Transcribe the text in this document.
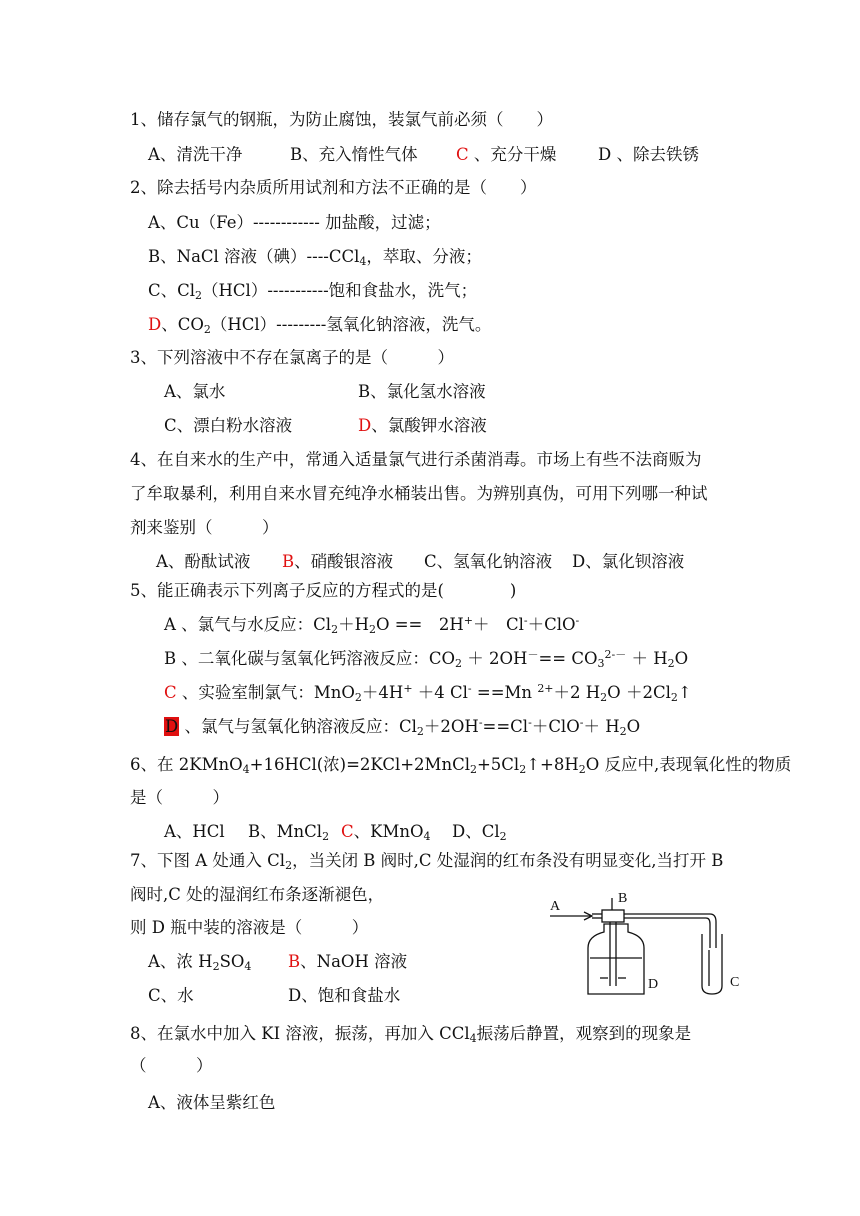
1、储存氯气的钢瓶，为防止腐蚀，装氯气前必须（　　）
A、清洗干净	B、充入惰性气体 C 、充分干燥	D 、除去铁锈
2、除去括号内杂质所用试剂和方法不正确的是（　　）
A、Cu（Fe）------------ 加盐酸，过滤；
B、NaCl 溶液（碘）----CCl$_4$，萃取、分液；
C、$Cl_2(HCl)-----------$饱和食盐水，洗气；
D、$CO_2(HCl)---------$氢氧化钠溶液，洗气。
3、下列溶液中不存在氯离子的是（　　　）
A、氯水	B、氯化氢水溶液
C、漂白粉水溶液	D、氯酸钾水溶液
4、在自来水的生产中，常通入适量氯气进行杀菌消毒。市场上有些不法商贩为
了牟取暴利，利用自来水冒充纯净水桶装出售。为辨别真伪，可用下列哪一种试
剂来鉴别（　　　）
A、酚酞试液 B、硝酸银溶液 C、氢氧化钠溶液 D、氯化钡溶液
5、能正确表示下列离子反应的方程式的是(　　　　)
A 、氯气与水反应：$Cl_2+H_2O$ ==　2H+＋　Cl-＋ClO-
B 、二氧化碳与氢氧化钙溶液反应：$CO_2 + 2OH^-== CO_3^{2--} + H_2O$
C 、实验室制氯气：MnO$_2$＋4H+ ＋4 Cl- ==Mn $^{2+}$＋2 $H_2O$ $+2Cl_2↑$
D 、氯气与氢氧化钠溶液反应：$Cl_2+2OH^-==Cl^-+ClO^-+ H_2O$
6、在 2KMnO$_4$+16HCl(浓)$=2KCl+2MnCl_2+5Cl_2↑+8H_2O$ 反应中,表现氧化性的物质
是（　　　）
A、HCl B、MnCl$_2$ C、KMnO$_4$ D、$Cl_2$
7、下图 A 处通入 $Cl_2$，当关闭 B 阀时,C 处湿润的红布条没有明显变化,当打开 B
阀时,C 处的湿润红布条逐渐褪色，
则 D 瓶中装的溶液是（　　　）
A、浓 $H_2SO_4$ B、NaOH 溶液
C、水	D、饱和食盐水
A
B
C
D
8、在氯水中加入 KI 溶液，振荡，再加入 CCl$_4$振荡后静置，观察到的现象是
（　　　）
A、液体呈紫红色
